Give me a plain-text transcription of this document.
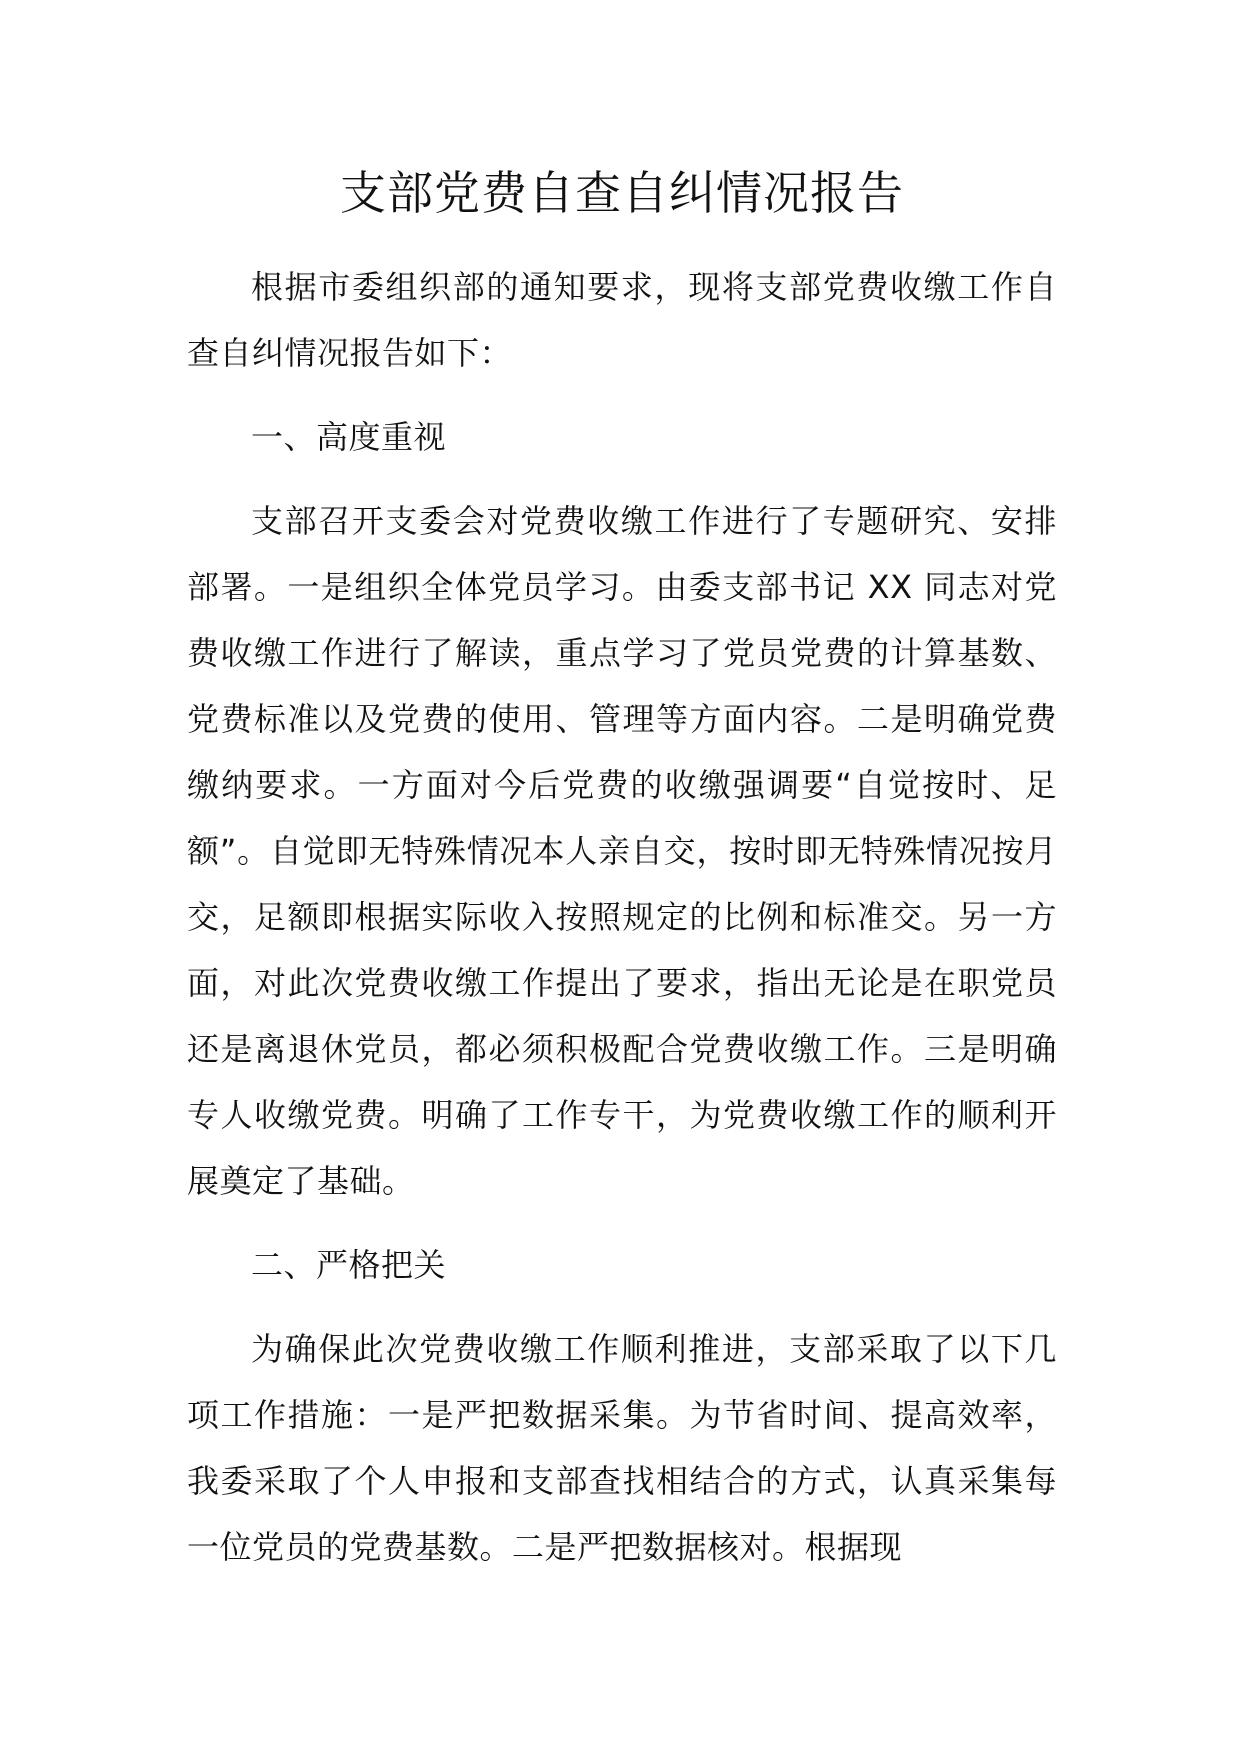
支部党费自查自纠情况报告

根据市委组织部的通知要求，现将支部党费收缴工作自查自纠情况报告如下：

一、高度重视

支部召开支委会对党费收缴工作进行了专题研究、安排部署。一是组织全体党员学习。由委支部书记 XX 同志对党费收缴工作进行了解读，重点学习了党员党费的计算基数、党费标准以及党费的使用、管理等方面内容。二是明确党费缴纳要求。一方面对今后党费的收缴强调要“自觉按时、足额”。自觉即无特殊情况本人亲自交，按时即无特殊情况按月交，足额即根据实际收入按照规定的比例和标准交。另一方面，对此次党费收缴工作提出了要求，指出无论是在职党员还是离退休党员，都必须积极配合党费收缴工作。三是明确专人收缴党费。明确了工作专干，为党费收缴工作的顺利开展奠定了基础。

二、严格把关

为确保此次党费收缴工作顺利推进，支部采取了以下几项工作措施：一是严把数据采集。为节省时间、提高效率，我委采取了个人申报和支部查找相结合的方式，认真采集每一位党员的党费基数。二是严把数据核对。根据现
